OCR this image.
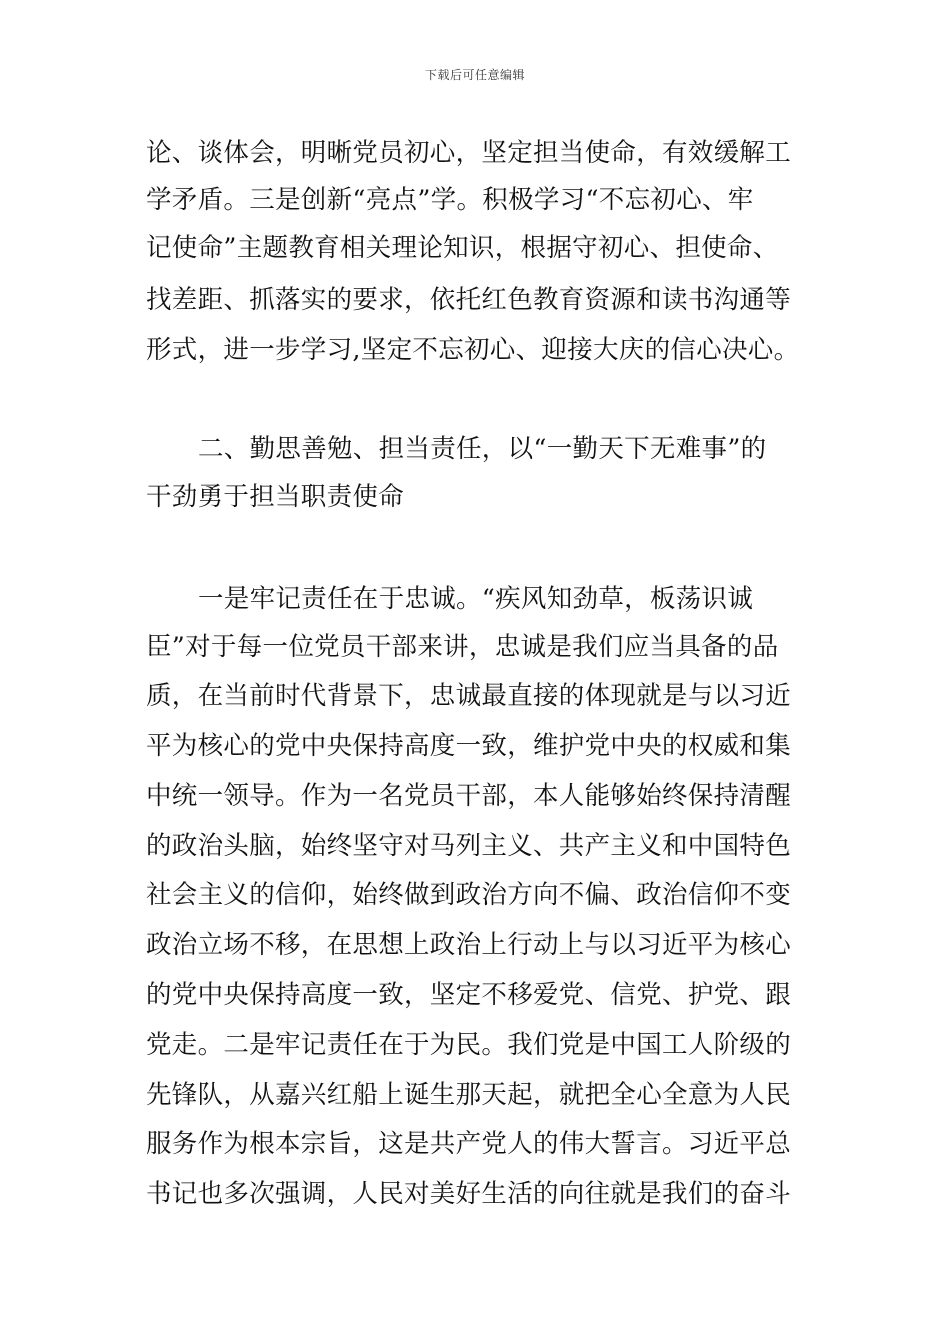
下载后可任意编辑
论、谈体会，明晰党员初心，坚定担当使命，有效缓解工
学矛盾。三是创新“亮点”学。积极学习“不忘初心、牢
记使命”主题教育相关理论知识，根据守初心、担使命、
找差距、抓落实的要求，依托红色教育资源和读书沟通等
形式，进一步学习,坚定不忘初心、迎接大庆的信心决心。
二、勤思善勉、担当责任，以“一勤天下无难事”的
干劲勇于担当职责使命
一是牢记责任在于忠诚。“疾风知劲草，板荡识诚
臣”对于每一位党员干部来讲，忠诚是我们应当具备的品
质，在当前时代背景下，忠诚最直接的体现就是与以习近
平为核心的党中央保持高度一致，维护党中央的权威和集
中统一领导。作为一名党员干部，本人能够始终保持清醒
的政治头脑，始终坚守对马列主义、共产主义和中国特色
社会主义的信仰，始终做到政治方向不偏、政治信仰不变
政治立场不移，在思想上政治上行动上与以习近平为核心
的党中央保持高度一致，坚定不移爱党、信党、护党、跟
党走。二是牢记责任在于为民。我们党是中国工人阶级的
先锋队，从嘉兴红船上诞生那天起，就把全心全意为人民
服务作为根本宗旨，这是共产党人的伟大誓言。习近平总
书记也多次强调，人民对美好生活的向往就是我们的奋斗
